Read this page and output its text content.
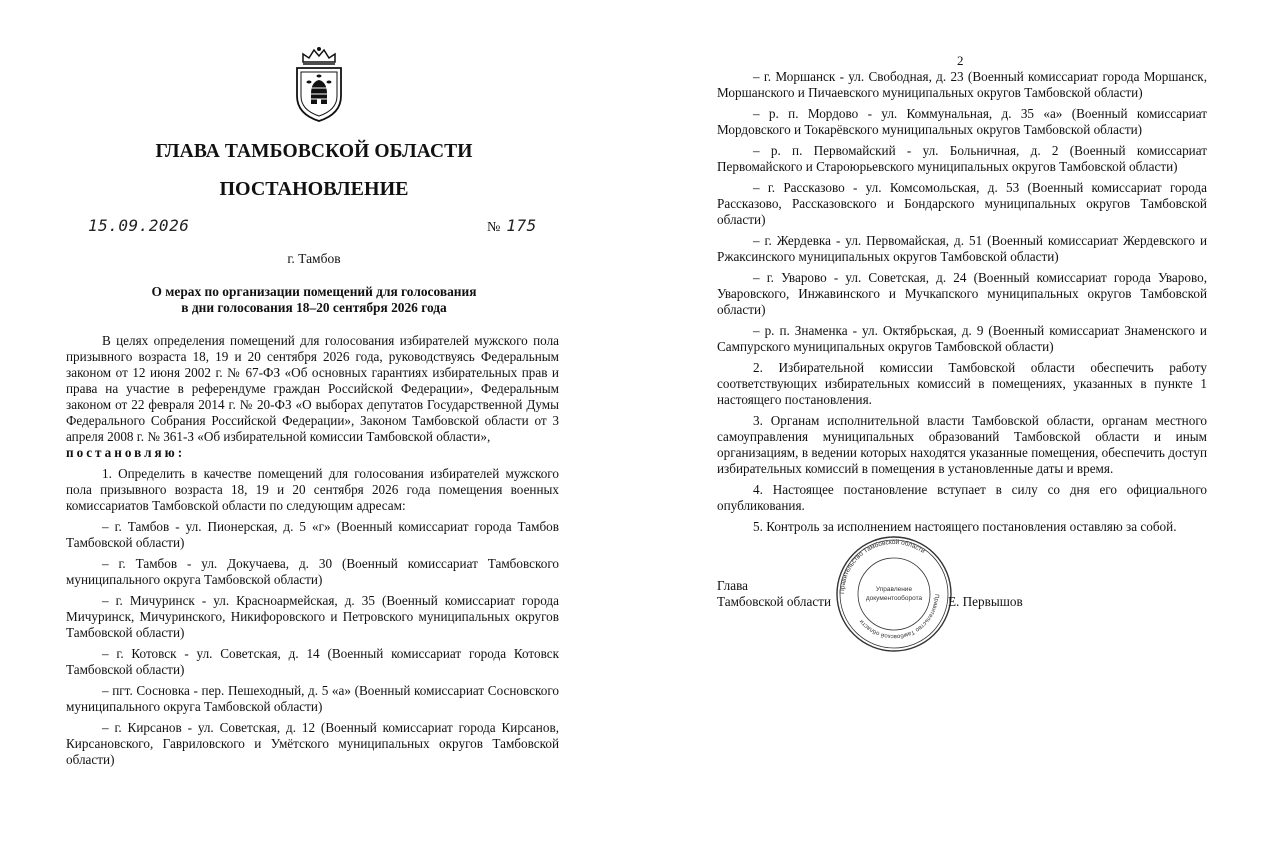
ГЛАВА ТАМБОВСКОЙ ОБЛАСТИ
ПОСТАНОВЛЕНИЕ
15.09.2026	№ 175
г. Тамбов
О мерах по организации помещений для голосования
в дни голосования 18–20 сентября 2026 года

В целях определения помещений для голосования избирателей мужского пола призывного возраста 18, 19 и 20 сентября 2026 года, руководствуясь Федеральным законом от 12 июня 2002 г. № 67-ФЗ «Об основных гарантиях избирательных прав и права на участие в референдуме граждан Российской Федерации», Федеральным законом от 22 февраля 2014 г. № 20-ФЗ «О выборах депутатов Государственной Думы Федерального Собрания Российской Федерации», Законом Тамбовской области от 3 апреля 2008 г. № 361-З «Об избирательной комиссии Тамбовской области»,

постановляю:

1. Определить в качестве помещений для голосования избирателей мужского пола призывного возраста 18, 19 и 20 сентября 2026 года помещения военных комиссариатов Тамбовской области по следующим адресам:

– г. Тамбов - ул. Пионерская, д. 5 «г» (Военный комиссариат города Тамбов Тамбовской области)

– г. Тамбов - ул. Докучаева, д. 30 (Военный комиссариат Тамбовского муниципального округа Тамбовской области)

– г. Мичуринск - ул. Красноармейская, д. 35 (Военный комиссариат города Мичуринск, Мичуринского, Никифоровского и Петровского муниципальных округов Тамбовской области)

– г. Котовск - ул. Советская, д. 14 (Военный комиссариат города Котовск Тамбовской области)

– пгт. Сосновка - пер. Пешеходный, д. 5 «а» (Военный комиссариат Сосновского муниципального округа Тамбовской области)

– г. Кирсанов - ул. Советская, д. 12 (Военный комиссариат города Кирсанов, Кирсановского, Гавриловского и Умётского муниципальных округов Тамбовской области)

2

– г. Моршанск - ул. Свободная, д. 23 (Военный комиссариат города Моршанск, Моршанского и Пичаевского муниципальных округов Тамбовской области)

– р. п. Мордово - ул. Коммунальная, д. 35 «а» (Военный комиссариат Мордовского и Токарёвского муниципальных округов Тамбовской области)

– р. п. Первомайский - ул. Больничная, д. 2 (Военный комиссариат Первомайского и Староюрьевского муниципальных округов Тамбовской области)

– г. Рассказово - ул. Комсомольская, д. 53 (Военный комиссариат города Рассказово, Рассказовского и Бондарского муниципальных округов Тамбовской области)

– г. Жердевка - ул. Первомайская, д. 51 (Военный комиссариат Жердевского и Ржаксинского муниципальных округов Тамбовской области)

– г. Уварово - ул. Советская, д. 24 (Военный комиссариат города Уварово, Уваровского, Инжавинского и Мучкапского муниципальных округов Тамбовской области)

– р. п. Знаменка - ул. Октябрьская, д. 9 (Военный комиссариат Знаменского и Сампурского муниципальных округов Тамбовской области)

2. Избирательной комиссии Тамбовской области обеспечить работу соответствующих избирательных комиссий в помещениях, указанных в пункте 1 настоящего постановления.

3. Органам исполнительной власти Тамбовской области, органам местного самоуправления муниципальных образований Тамбовской области и иным организациям, в ведении которых находятся указанные помещения, обеспечить доступ избирательных комиссий в помещения в установленные даты и время.

4. Настоящее постановление вступает в силу со дня его официального опубликования.

5. Контроль за исполнением настоящего постановления оставляю за собой.

Глава
Тамбовской области
Правительство Тамбовской области
Правительство Тамбовской области
Управление
документооборота Е. Первышов
